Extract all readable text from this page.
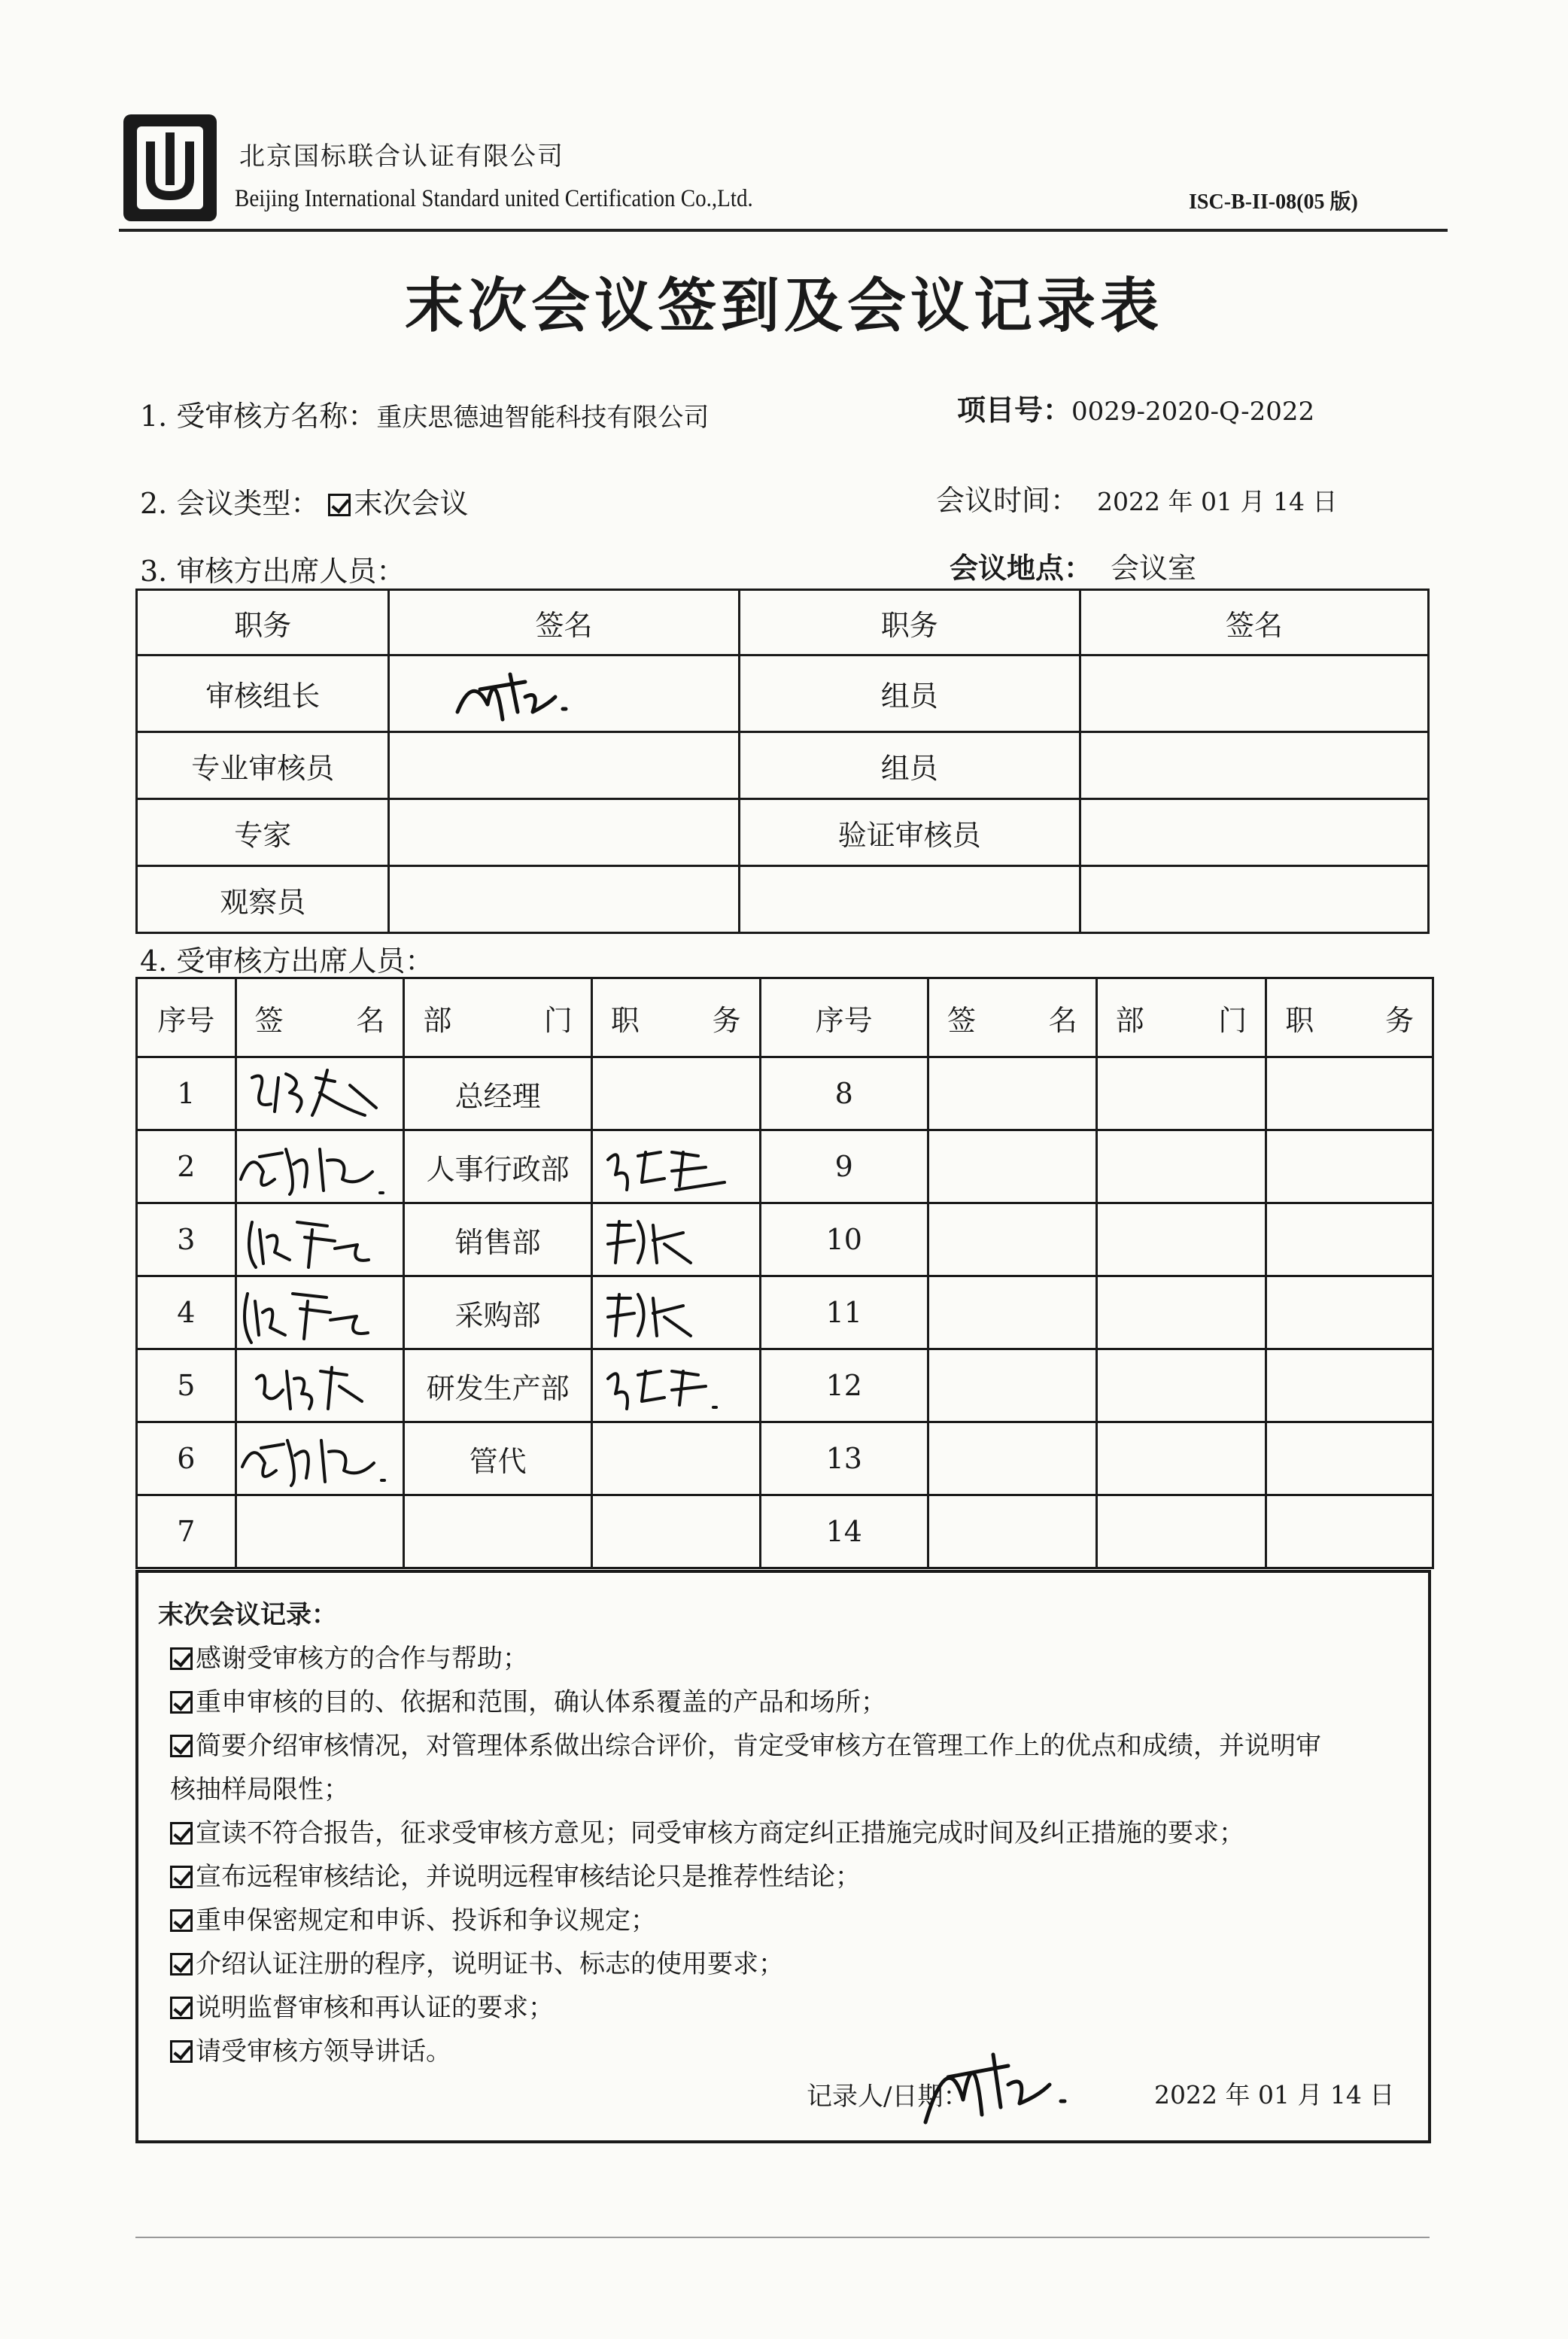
北京国标联合认证有限公司
Beijing International Standard united Certification Co.,Ltd.	ISC-B-II-08(05 版)
末次会议签到及会议记录表
1. 受审核方名称：重庆思德迪智能科技有限公司	项目号：0029-2020-Q-2022
2. 会议类型： 末次会议	会议时间： 2022 年 01 月 14 日
3. 审核方出席人员：	会议地点： 会议室
职务	签名	职务	签名
审核组长		组员	
专业审核员		组员	
专家		验证审核员	
观察员			
4. 受审核方出席人员：
序号	签 名	部 门	职 务	序号	签 名	部 门	职 务

1		总经理		8			
2		人事行政部		9			
3		销售部		10			
4		采购部		11			
5		研发生产部		12			
6		管代		13			
7				14			
末次会议记录：
感谢受审核方的合作与帮助；
重申审核的目的、依据和范围，确认体系覆盖的产品和场所；
简要介绍审核情况，对管理体系做出综合评价，肯定受审核方在管理工作上的优点和成绩，并说明审
核抽样局限性；
宣读不符合报告，征求受审核方意见；同受审核方商定纠正措施完成时间及纠正措施的要求；
宣布远程审核结论，并说明远程审核结论只是推荐性结论；
重申保密规定和申诉、投诉和争议规定；
介绍认证注册的程序，说明证书、标志的使用要求；
说明监督审核和再认证的要求；
请受审核方领导讲话。
记录人/日期：	2022 年 01 月 14 日
